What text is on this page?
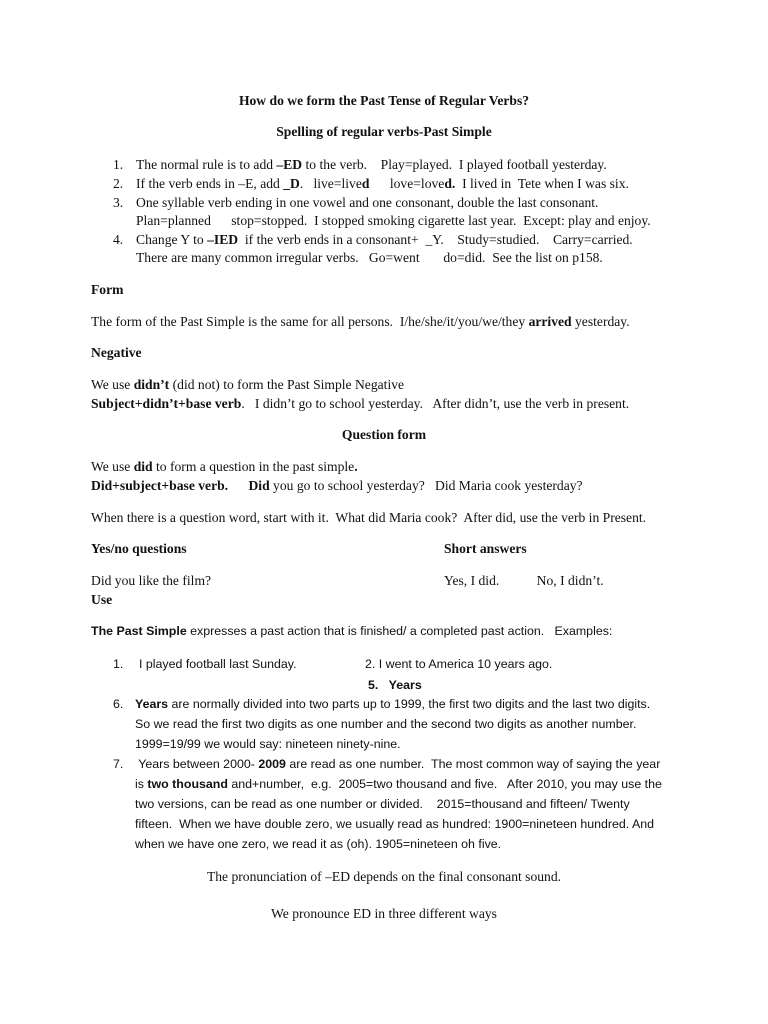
How do we form the Past Tense of Regular Verbs?
Spelling of regular verbs-Past Simple
1. The normal rule is to add –ED to the verb.    Play=played.  I played football yesterday.
2. If the verb ends in –E, add _D.   live=lived      love=loved.  I lived in  Tete when I was six.
3. One syllable verb ending in one vowel and one consonant, double the last consonant.
Plan=planned      stop=stopped.  I stopped smoking cigarette last year.  Except: play and enjoy.
4. Change Y to –IED  if the verb ends in a consonant+  _Y.    Study=studied.    Carry=carried.
There are many common irregular verbs.   Go=went       do=did.  See the list on p158.
Form
The form of the Past Simple is the same for all persons.  I/he/she/it/you/we/they arrived yesterday.
Negative
We use didn’t (did not) to form the Past Simple Negative
Subject+didn’t+base verb.   I didn’t go to school yesterday.   After didn’t, use the verb in present.
Question form
We use did to form a question in the past simple.
Did+subject+base verb. Did you go to school yesterday?   Did Maria cook yesterday?
When there is a question word, start with it.  What did Maria cook?  After did, use the verb in Present.
Yes/no questions	Short answers
Did you like the film?	Yes, I did.           No, I didn’t.
Use
The Past Simple expresses a past action that is finished/ a completed past action.   Examples:
1. I played football last Sunday.	2. I went to America 10 years ago.
5. Years
6. Years are normally divided into two parts up to 1999, the first two digits and the last two digits.
So we read the first two digits as one number and the second two digits as another number.
1999=19/99 we would say: nineteen ninety-nine.
7. Years between 2000- 2009 are read as one number.  The most common way of saying the year
is two thousand and+number,  e.g.  2005=two thousand and five.   After 2010, you may use the
two versions, can be read as one number or divided.    2015=thousand and fifteen/ Twenty
fifteen.  When we have double zero, we usually read as hundred: 1900=nineteen hundred. And
when we have one zero, we read it as (oh). 1905=nineteen oh five.
The pronunciation of –ED depends on the final consonant sound.
We pronounce ED in three different ways
